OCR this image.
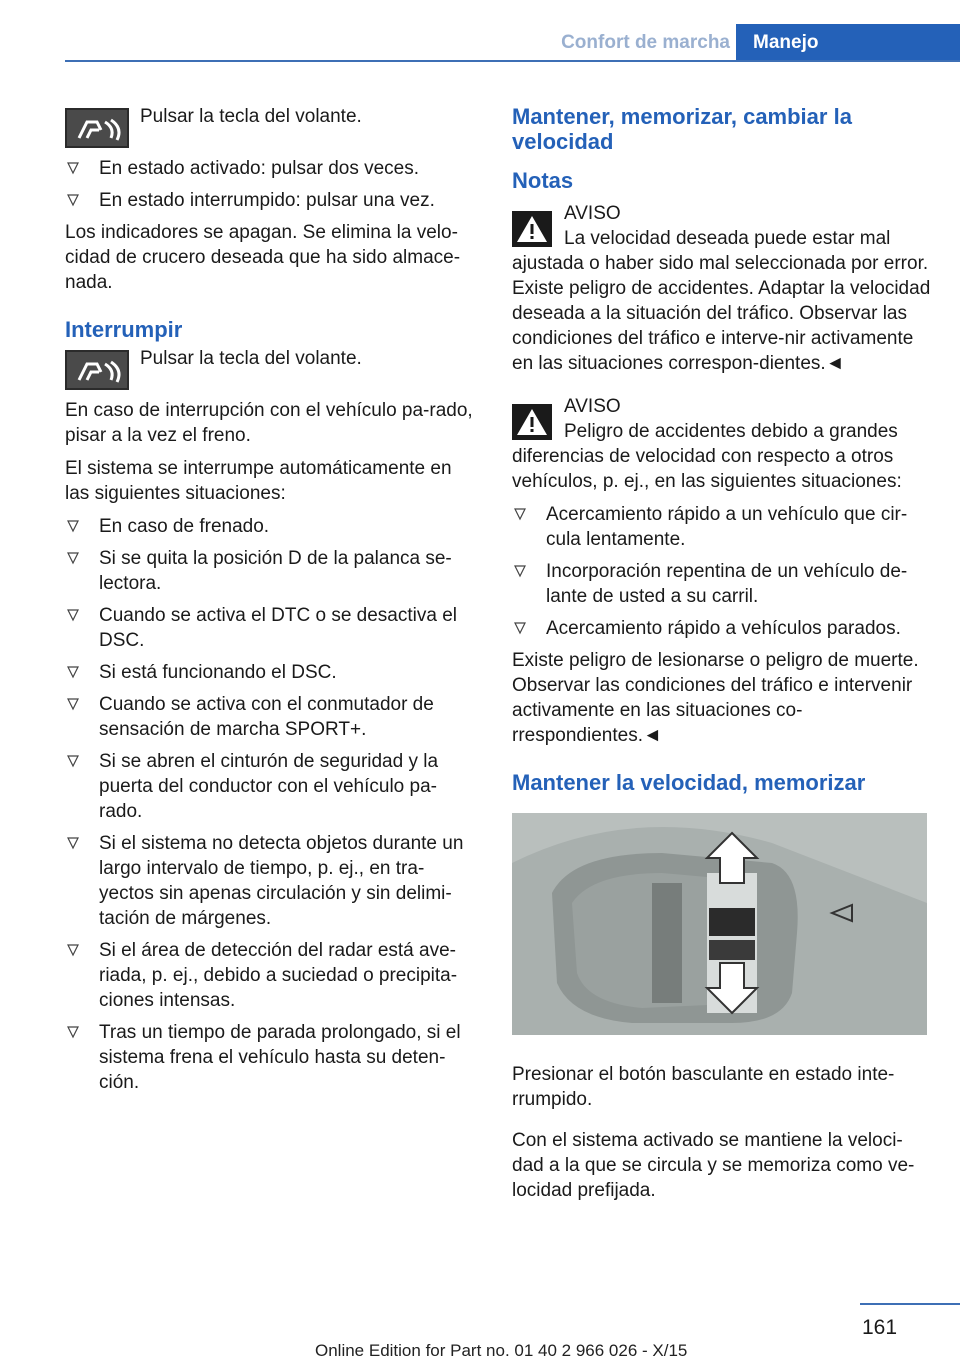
Confort de marcha	Manejo
Pulsar la tecla del volante.
En estado activado: pulsar dos veces.
En estado interrumpido: pulsar una vez.

Los indicadores se apagan. Se elimina la velo‐cidad de crucero deseada que ha sido almace‐nada.

Interrumpir
Pulsar la tecla del volante.

En caso de interrupción con el vehículo pa‐rado, pisar a la vez el freno.

El sistema se interrumpe automáticamente en las siguientes situaciones:

En caso de frenado.
Si se quita la posición D de la palanca se‐lectora.
Cuando se activa el DTC o se desactiva el DSC.
Si está funcionando el DSC.
Cuando se activa con el conmutador de sensación de marcha SPORT+.
Si se abren el cinturón de seguridad y la puerta del conductor con el vehículo pa‐rado.
Si el sistema no detecta objetos durante un largo intervalo de tiempo, p. ej., en tra‐yectos sin apenas circulación y sin delimi‐tación de márgenes.
Si el área de detección del radar está ave‐riada, p. ej., debido a suciedad o precipita‐ciones intensas.
Tras un tiempo de parada prolongado, si el sistema frena el vehículo hasta su deten‐ción.
Mantener, memorizar, cambiar la velocidad
Notas
AVISO
La velocidad deseada puede estar mal
ajustada o haber sido mal seleccionada por error. Existe peligro de accidentes. Adaptar la velocidad deseada a la situación del tráfico. Observar las condiciones del tráfico e interve‐nir activamente en las situaciones correspon‐dientes.◄
AVISO
Peligro de accidentes debido a grandes
diferencias de velocidad con respecto a otros vehículos, p. ej., en las siguientes situaciones:
Acercamiento rápido a un vehículo que cir‐cula lentamente.
Incorporación repentina de un vehículo de‐lante de usted a su carril.
Acercamiento rápido a vehículos parados.

Existe peligro de lesionarse o peligro de muerte. Observar las condiciones del tráfico e intervenir activamente en las situaciones co‐rrespondientes.◄

Mantener la velocidad, memorizar

Presionar el botón basculante en estado inte‐rrumpido.

Con el sistema activado se mantiene la veloci‐dad a la que se circula y se memoriza como ve‐locidad prefijada.

161
Online Edition for Part no. 01 40 2 966 026 - X/15
